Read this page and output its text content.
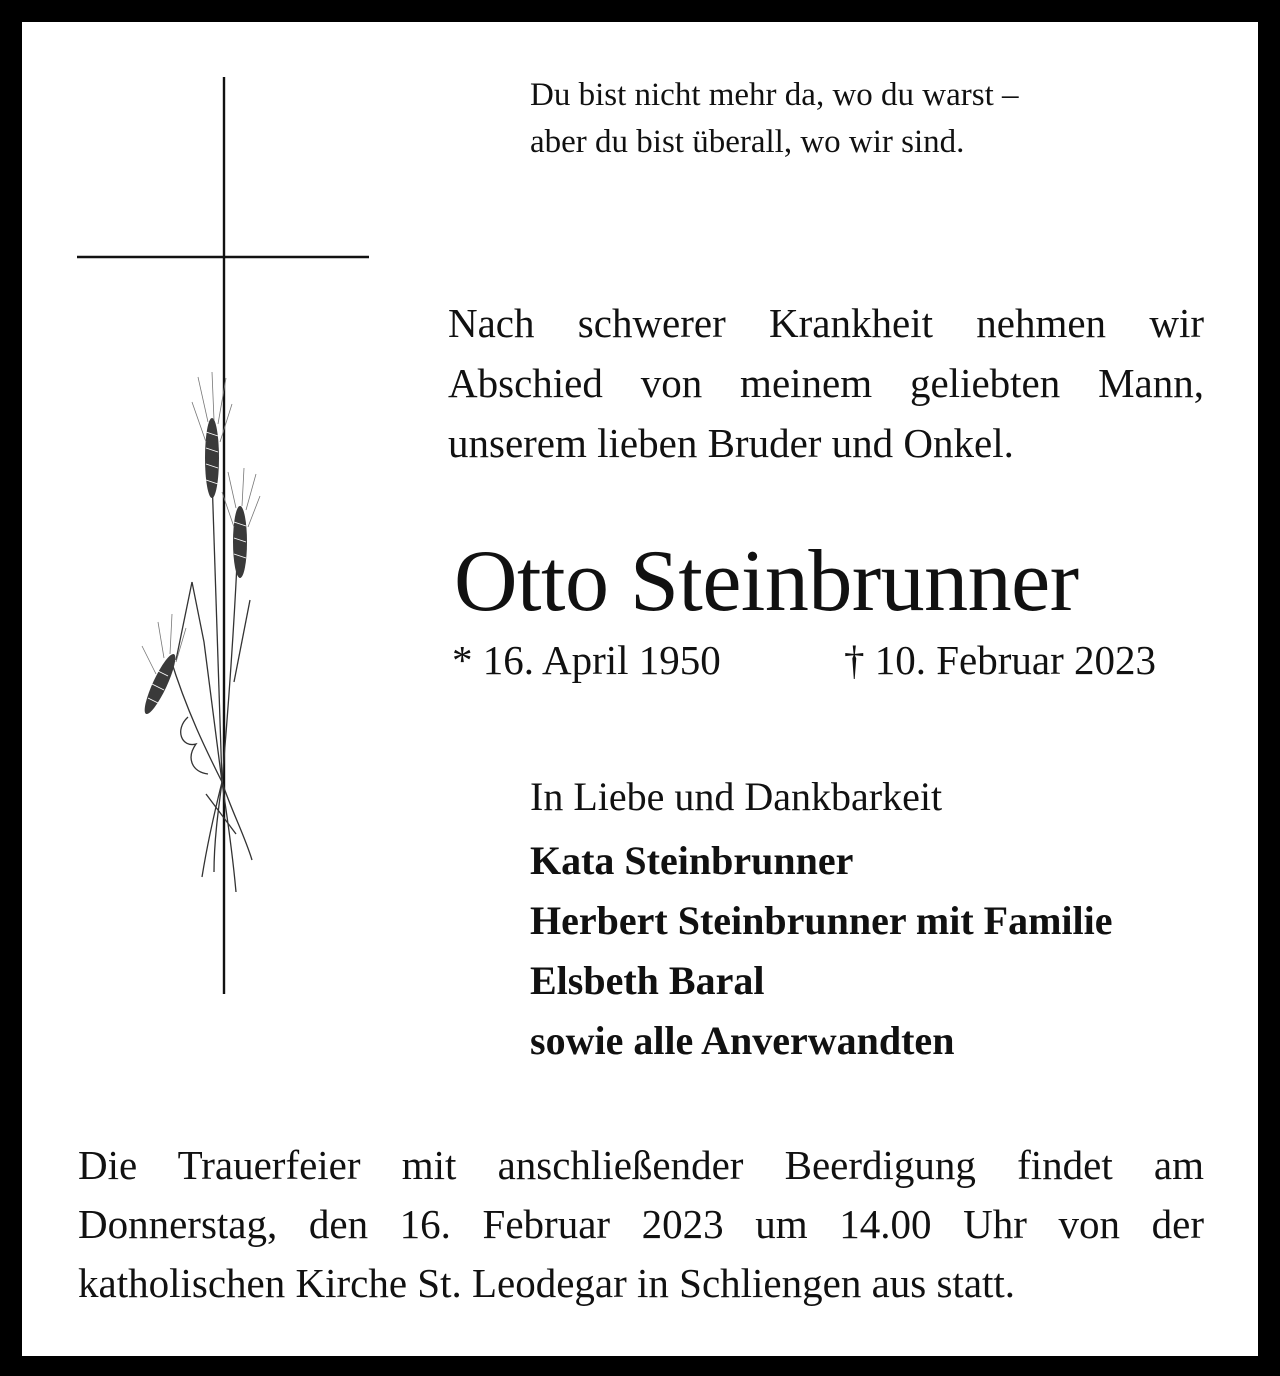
Du bist nicht mehr da, wo du warst –
aber du bist überall, wo wir sind.

Nach schwerer Krankheit nehmen wir
Abschied von meinem geliebten Mann,
unserem lieben Bruder und Onkel.

Otto Steinbrunner
* 16. April 1950	† 10. Februar 2023
In Liebe und Dankbarkeit
Kata Steinbrunner
Herbert Steinbrunner mit Familie
Elsbeth Baral
sowie alle Anverwandten

Die Trauerfeier mit anschließender Beerdigung findet am
Donnerstag, den 16. Februar 2023 um 14.00 Uhr von der
katholischen Kirche St. Leodegar in Schliengen aus statt.
